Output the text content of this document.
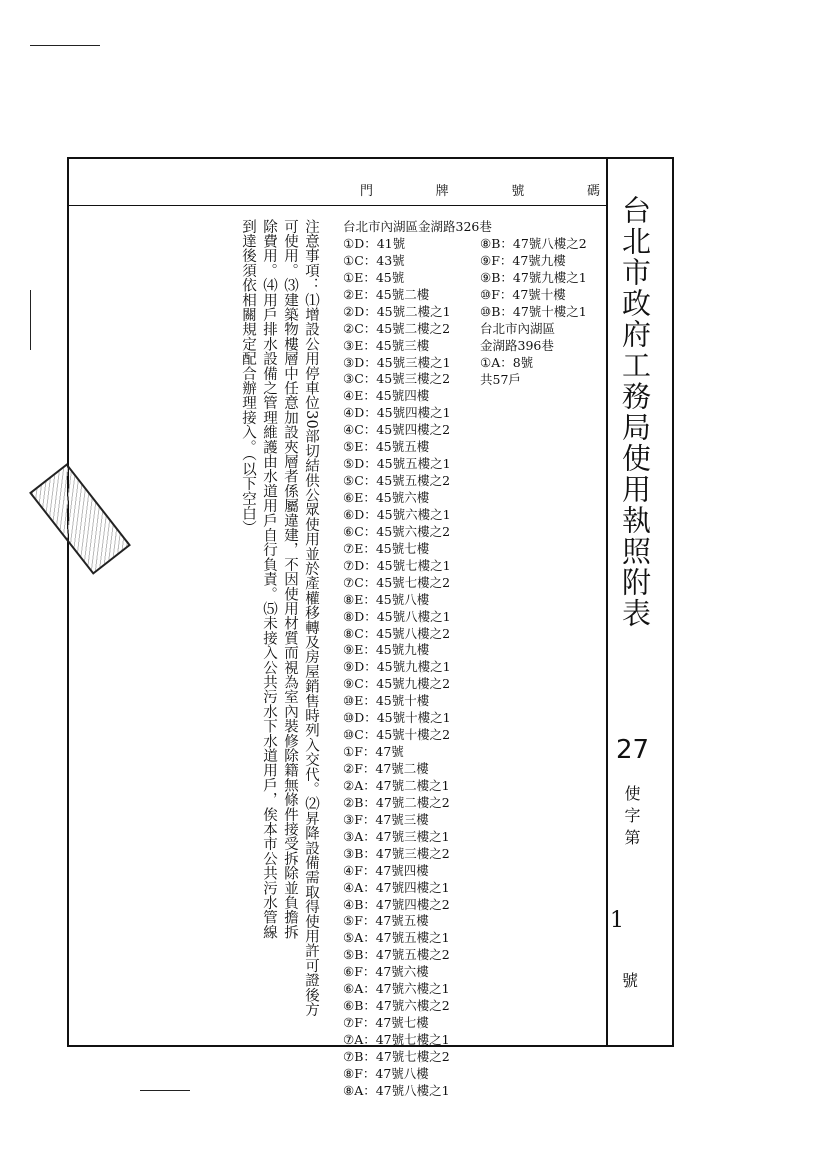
門	牌	號	碼
台北市政府工務局使用執照附表
27
使字第
1
號
台北市內湖區金湖路326巷
①D：41號
①C：43號
①E：45號
②E：45號二樓
②D：45號二樓之1
②C：45號二樓之2
③E：45號三樓
③D：45號三樓之1
③C：45號三樓之2
④E：45號四樓
④D：45號四樓之1
④C：45號四樓之2
⑤E：45號五樓
⑤D：45號五樓之1
⑤C：45號五樓之2
⑥E：45號六樓
⑥D：45號六樓之1
⑥C：45號六樓之2
⑦E：45號七樓
⑦D：45號七樓之1
⑦C：45號七樓之2
⑧E：45號八樓
⑧D：45號八樓之1
⑧C：45號八樓之2
⑨E：45號九樓
⑨D：45號九樓之1
⑨C：45號九樓之2
⑩E：45號十樓
⑩D：45號十樓之1
⑩C：45號十樓之2
①F：47號
②F：47號二樓
②A：47號二樓之1
②B：47號二樓之2
③F：47號三樓
③A：47號三樓之1
③B：47號三樓之2
④F：47號四樓
④A：47號四樓之1
④B：47號四樓之2
⑤F：47號五樓
⑤A：47號五樓之1
⑤B：47號五樓之2
⑥F：47號六樓
⑥A：47號六樓之1
⑥B：47號六樓之2
⑦F：47號七樓
⑦A：47號七樓之1
⑦B：47號七樓之2
⑧F：47號八樓
⑧A：47號八樓之1
⑧B：47號八樓之2
⑨F：47號九樓
⑨B：47號九樓之1
⑩F：47號十樓
⑩B：47號十樓之1
台北市內湖區
金湖路396巷
①A：8號
共57戶

注意事項：⑴增設公用停車位30部切結供公眾使用並於產權移轉及房屋銷售時列入交代。⑵昇降設備需取得使用許可證後方

可使用。⑶建築物樓層中任意加設夾層者係屬違建，不因使用材質而視為室內裝修除籍無條件接受拆除並負擔拆

除費用。⑷用戶排水設備之管理維護由水道用戶自行負責。⑸未接入公共污水下水道用戶，俟本市公共污水管線

到達後須依相關規定配合辦理接入。（以下空白）
